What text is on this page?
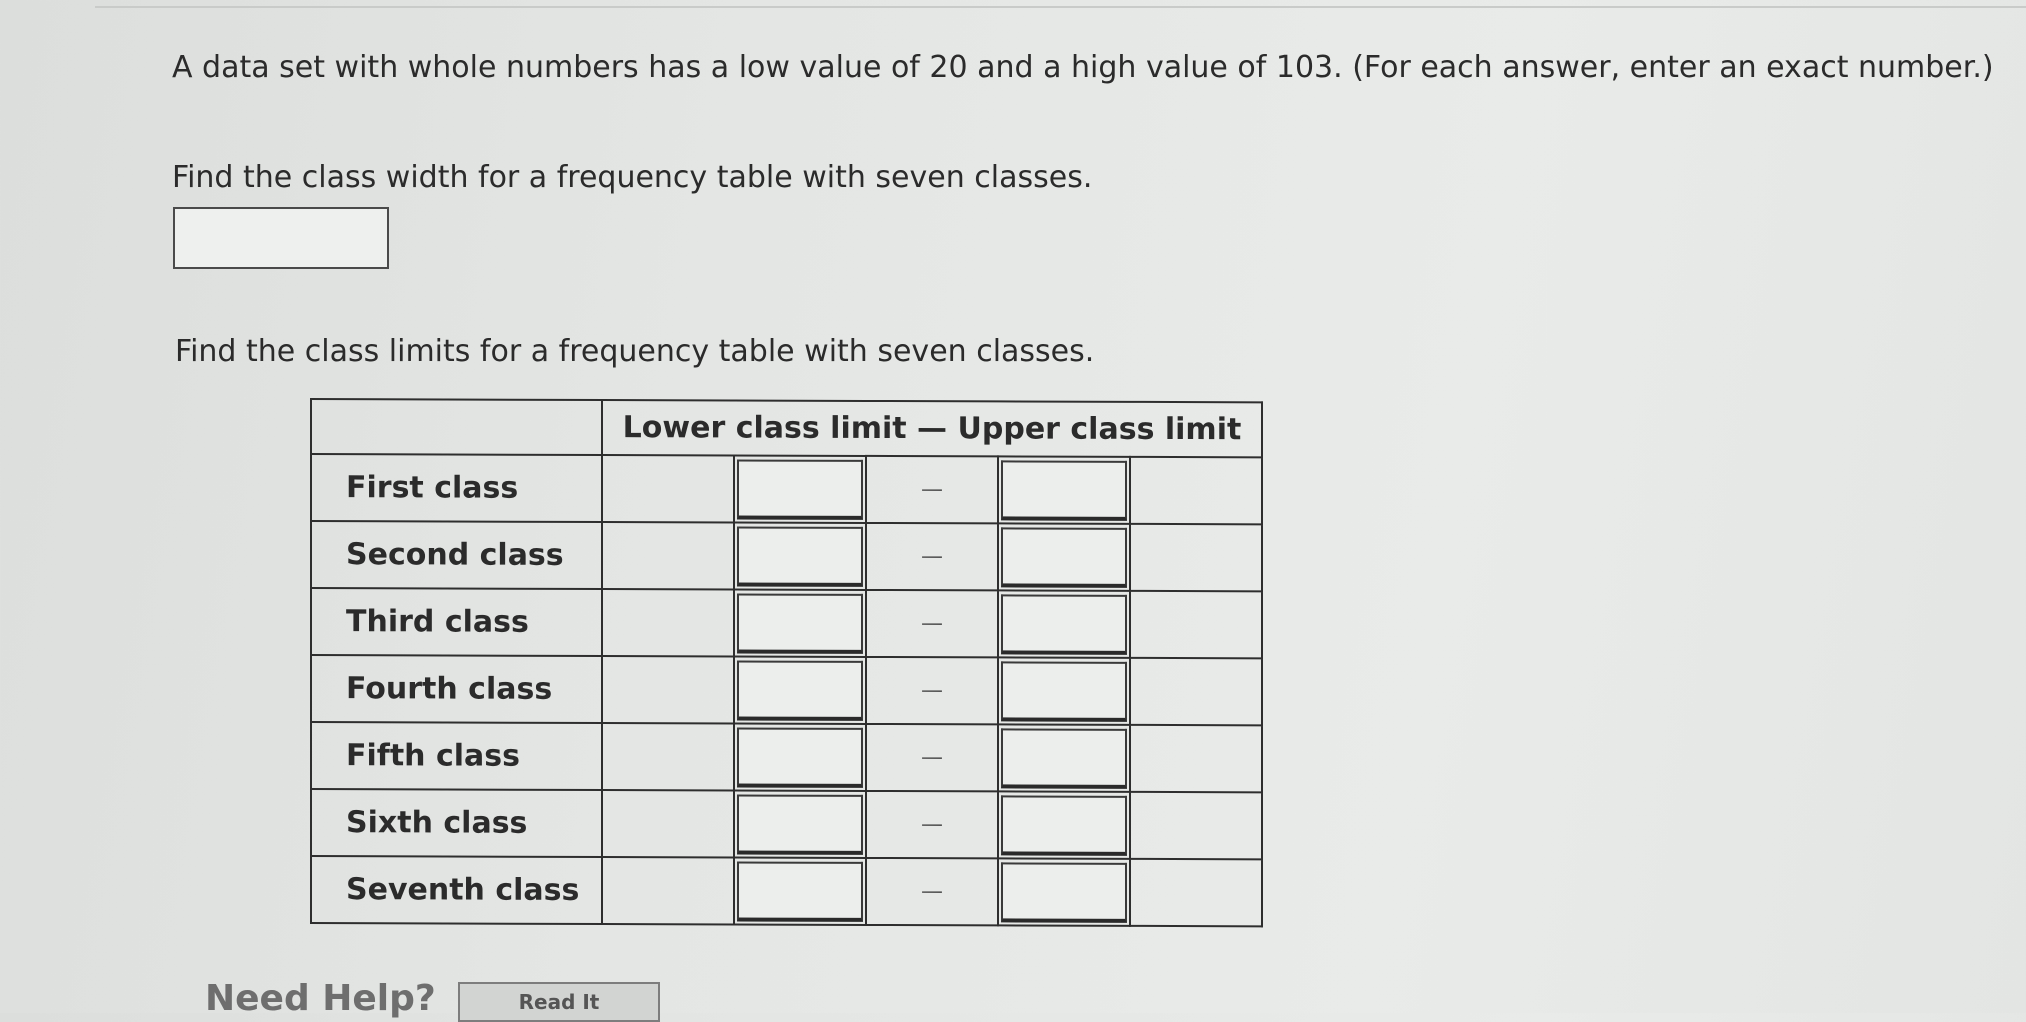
A data set with whole numbers has a low value of 20 and a high value of 103. (For each answer, enter an exact number.)

Find the class width for a frequency table with seven classes.

Find the class limits for a frequency table with seven classes.

	Lower class limit — Upper class limit				
First class			—	

Second class			—	

Third class			—	

Fourth class			—	

Fifth class			—	

Sixth class			—	

Seventh class			—	

Need Help?	Read It
